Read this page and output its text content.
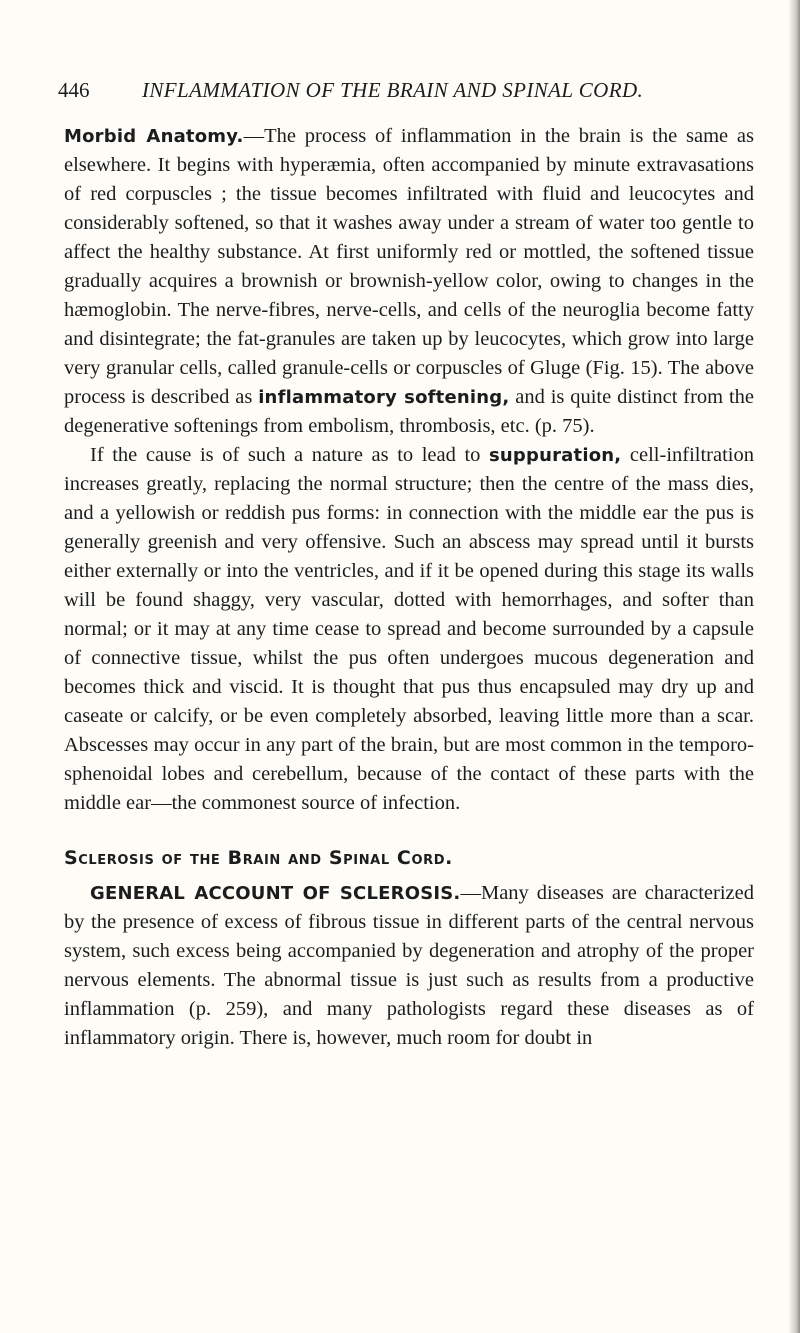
446	INFLAMMATION OF THE BRAIN AND SPINAL CORD.

Morbid Anatomy.—The process of inflammation in the brain is the same as elsewhere. It begins with hyperæmia, often accompanied by minute extravasations of red corpuscles ; the tissue becomes infiltrated with fluid and leucocytes and considerably softened, so that it washes away under a stream of water too gentle to affect the healthy substance. At first uniformly red or mottled, the softened tissue gradually acquires a brownish or brownish-yellow color, owing to changes in the hæmoglobin. The nerve-fibres, nerve-cells, and cells of the neuroglia become fatty and disintegrate; the fat-granules are taken up by leucocytes, which grow into large very granular cells, called granule-cells or corpuscles of Gluge (Fig. 15). The above process is described as inflammatory softening, and is quite distinct from the degenerative softenings from embolism, thrombosis, etc. (p. 75).

If the cause is of such a nature as to lead to suppuration, cell-infiltration increases greatly, replacing the normal structure; then the centre of the mass dies, and a yellowish or reddish pus forms: in connection with the middle ear the pus is generally greenish and very offensive. Such an abscess may spread until it bursts either externally or into the ventricles, and if it be opened during this stage its walls will be found shaggy, very vascular, dotted with hemorrhages, and softer than normal; or it may at any time cease to spread and become surrounded by a capsule of connective tissue, whilst the pus often undergoes mucous degeneration and becomes thick and viscid. It is thought that pus thus encapsuled may dry up and caseate or calcify, or be even completely absorbed, leaving little more than a scar. Abscesses may occur in any part of the brain, but are most common in the temporo-sphenoidal lobes and cerebellum, because of the contact of these parts with the middle ear—the commonest source of infection.

Sclerosis of the Brain and Spinal Cord.

GENERAL ACCOUNT OF SCLEROSIS.—Many diseases are characterized by the presence of excess of fibrous tissue in different parts of the central nervous system, such excess being accompanied by degeneration and atrophy of the proper nervous elements. The abnormal tissue is just such as results from a productive inflammation (p. 259), and many pathologists regard these diseases as of inflammatory origin. There is, however, much room for doubt in
